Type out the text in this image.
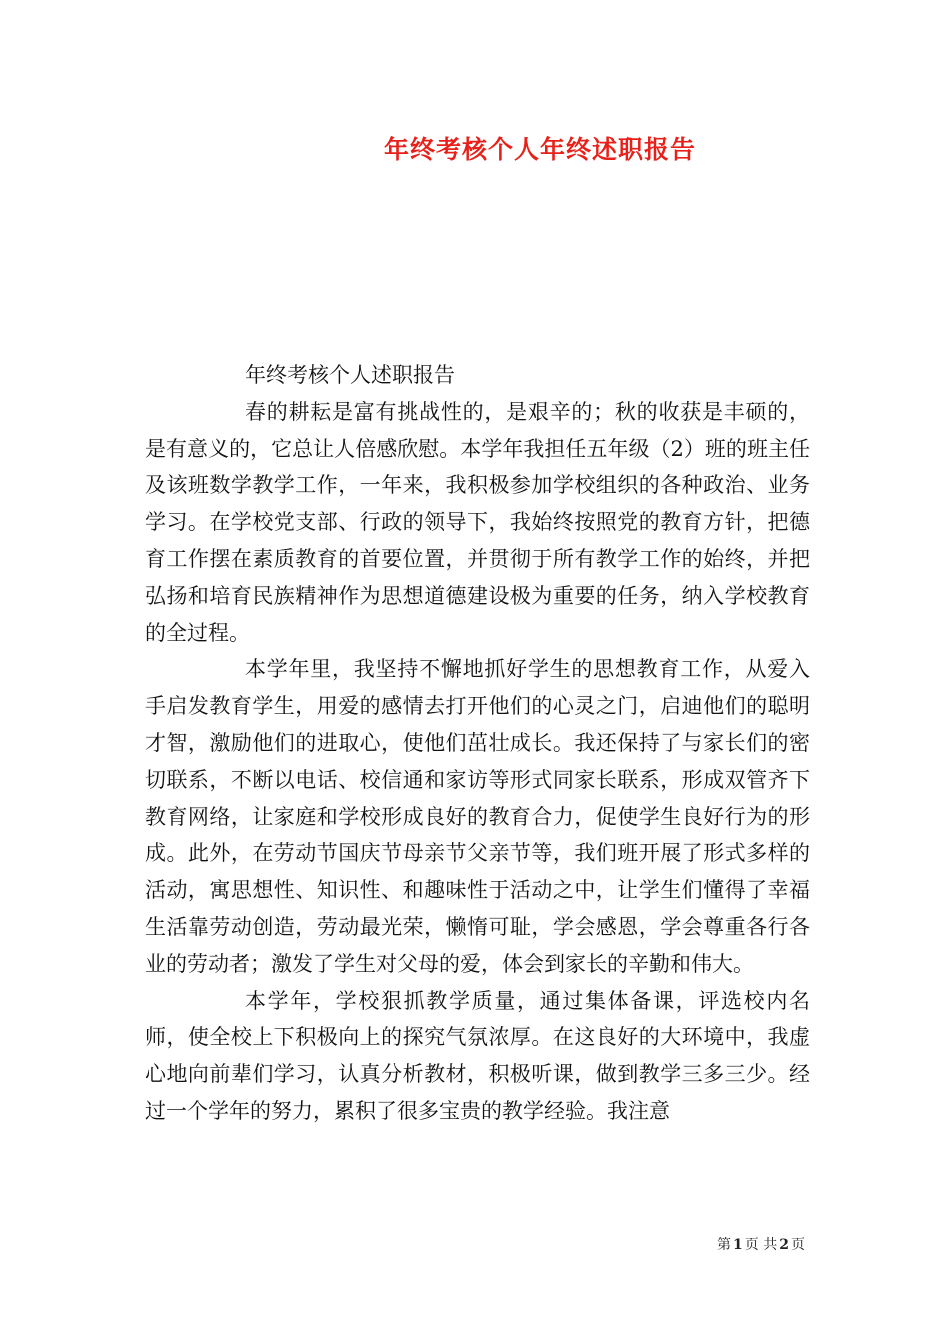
年终考核个人年终述职报告

年终考核个人述职报告

春的耕耘是富有挑战性的，是艰辛的；秋的收获是丰硕的，是有意义的，它总让人倍感欣慰。本学年我担任五年级（2）班的班主任及该班数学教学工作，一年来，我积极参加学校组织的各种政治、业务学习。在学校党支部、行政的领导下，我始终按照党的教育方针，把德育工作摆在素质教育的首要位置，并贯彻于所有教学工作的始终，并把弘扬和培育民族精神作为思想道德建设极为重要的任务，纳入学校教育的全过程。

本学年里，我坚持不懈地抓好学生的思想教育工作，从爱入手启发教育学生，用爱的感情去打开他们的心灵之门，启迪他们的聪明才智，激励他们的进取心，使他们茁壮成长。我还保持了与家长们的密切联系，不断以电话、校信通和家访等形式同家长联系，形成双管齐下教育网络，让家庭和学校形成良好的教育合力，促使学生良好行为的形成。此外，在劳动节国庆节母亲节父亲节等，我们班开展了形式多样的活动，寓思想性、知识性、和趣味性于活动之中，让学生们懂得了幸福生活靠劳动创造，劳动最光荣，懒惰可耻，学会感恩，学会尊重各行各业的劳动者；激发了学生对父母的爱，体会到家长的辛勤和伟大。

本学年，学校狠抓教学质量，通过集体备课，评选校内名师，使全校上下积极向上的探究气氛浓厚。在这良好的大环境中，我虚心地向前辈们学习，认真分析教材，积极听课，做到教学三多三少。经过一个学年的努力，累积了很多宝贵的教学经验。我注意

第 1 页 共 2 页
